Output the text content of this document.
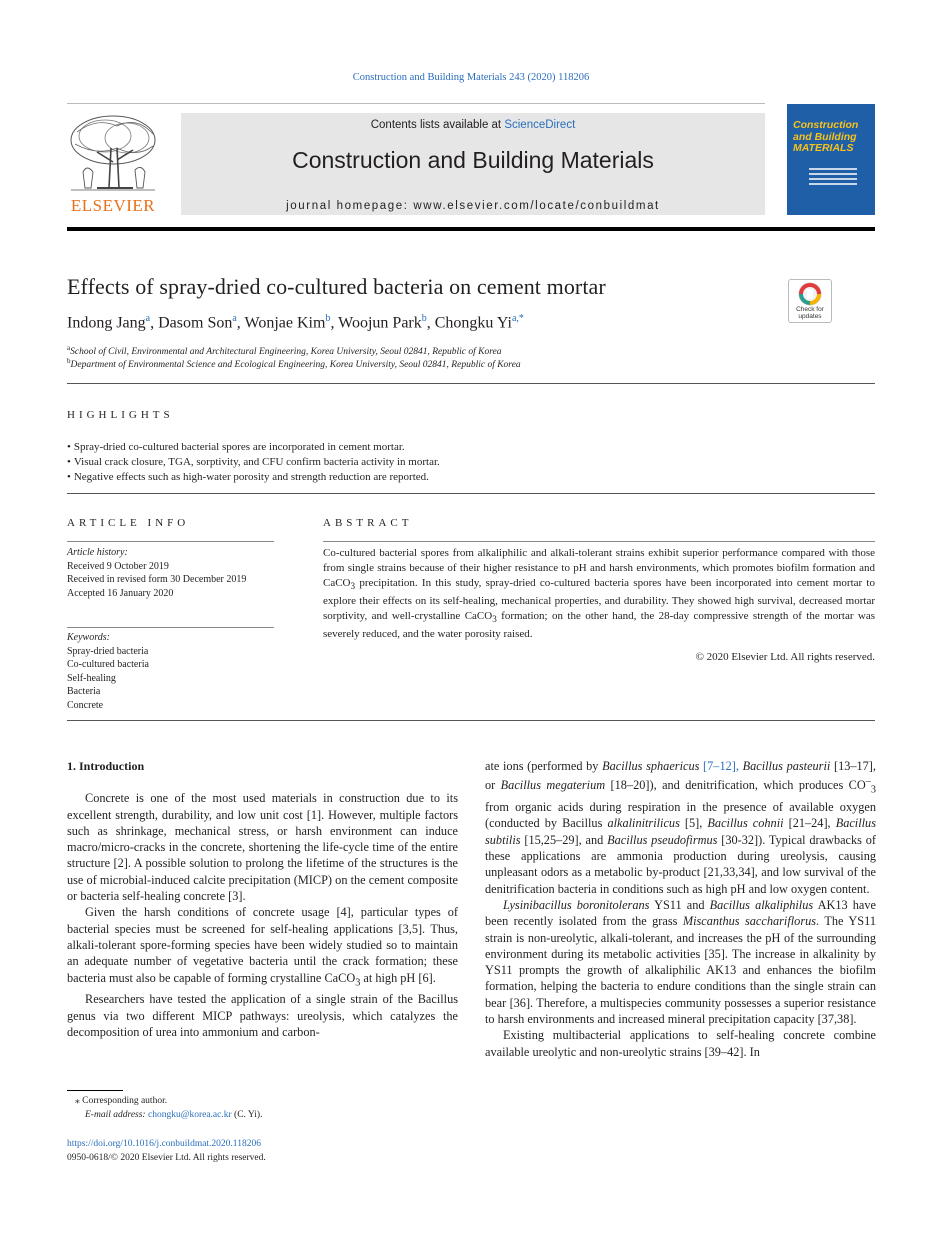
Construction and Building Materials 243 (2020) 118206
ELSEVIER
Contents lists available at ScienceDirect
Construction and Building Materials
journal homepage: www.elsevier.com/locate/conbuildmat
Construction and Building MATERIALS
Effects of spray-dried co-cultured bacteria on cement mortar
Check for updates
Indong Jang$^a$, Dasom Son$^a$, Wonjae Kim$^b$, Woojun Park$^b$, Chongku $Yi^{a,*}$
$^a$School of Civil, Environmental and Architectural Engineering, Korea University, Seoul 02841, Republic of Korea
$^b$Department of Environmental Science and Ecological Engineering, Korea University, Seoul 02841, Republic of Korea
HIGHLIGHTS
• Spray-dried co-cultured bacterial spores are incorporated in cement mortar.
• Visual crack closure, TGA, sorptivity, and CFU confirm bacteria activity in mortar.
• Negative effects such as high-water porosity and strength reduction are reported.
ARTICLE INFO
Article history:
Received 9 October 2019
Received in revised form 30 December 2019
Accepted 16 January 2020
Keywords:
Spray-dried bacteria
Co-cultured bacteria
Self-healing
Bacteria
Concrete
ABSTRACT
Co-cultured bacterial spores from alkaliphilic and alkali-tolerant strains exhibit superior performance compared with those from single strains because of their higher resistance to pH and harsh environments, which promotes biofilm formation and CaCO$_3$ precipitation. In this study, spray-dried co-cultured bacteria spores have been incorporated into cement mortar to explore their effects on its self-healing, mechanical properties, and durability. They showed high survival, decreased mortar sorptivity, and well-crystalline CaCO$_3$ formation; on the other hand, the 28-day compressive strength of the mortar was severely reduced, and the water porosity raised.
© 2020 Elsevier Ltd. All rights reserved.
1. Introduction

Concrete is one of the most used materials in construction due to its excellent strength, durability, and low unit cost [1]. However, multiple factors such as shrinkage, mechanical stress, or harsh environment can induce macro/micro-cracks in the concrete, shortening the life-cycle time of the entire structure [2]. A possible solution to prolong the lifetime of the structures is the use of microbial-induced calcite precipitation (MICP) on the cement composite or bacteria self-healing concrete [3].

Given the harsh conditions of concrete usage [4], particular types of bacterial species must be screened for self-healing applications [3,5]. Thus, alkali-tolerant spore-forming species have been widely studied so to maintain an adequate number of vegetative bacteria until the crack formation; these bacteria must also be capable of forming crystalline CaCO$_3$ at high pH [6].

Researchers have tested the application of a single strain of the Bacillus genus via two different MICP pathways: ureolysis, which catalyzes the decomposition of urea into ammonium and carbon-

ate ions (performed by Bacillus sphaericus [7–12], Bacillus pasteurii [13–17], or Bacillus megaterium [18–20]), and denitrification, which produces $CO^-_3$ from organic acids during respiration in the presence of available oxygen (conducted by Bacillus alkalinitrilicus [5], Bacillus cohnii [21–24], Bacillus subtilis [15,25–29], and Bacillus pseudofirmus [30-32]). Typical drawbacks of these applications are ammonia production during ureolysis, causing unpleasant odors as a metabolic by-product [21,33,34], and low survival of the denitrification bacteria in conditions such as high pH and low oxygen content.

Lysinibacillus boronitolerans YS11 and Bacillus alkaliphilus AK13 have been recently isolated from the grass Miscanthus sacchariflorus. The YS11 strain is non-ureolytic, alkali-tolerant, and increases the pH of the surrounding environment during its metabolic activities [35]. The increase in alkalinity by YS11 prompts the growth of alkaliphilic AK13 and enhances the biofilm formation, helping the bacteria to endure conditions than the single strain can bear [36]. Therefore, a multispecies community possesses a superior resistance to harsh environments and increased mineral precipitation capacity [37,38].

Existing multibacterial applications to self-healing concrete combine available ureolytic and non-ureolytic strains [39–42]. In

⁎ Corresponding author.
E-mail address: chongku@korea.ac.kr (C. Yi).
https://doi.org/10.1016/j.conbuildmat.2020.118206
0950-0618/© 2020 Elsevier Ltd. All rights reserved.
